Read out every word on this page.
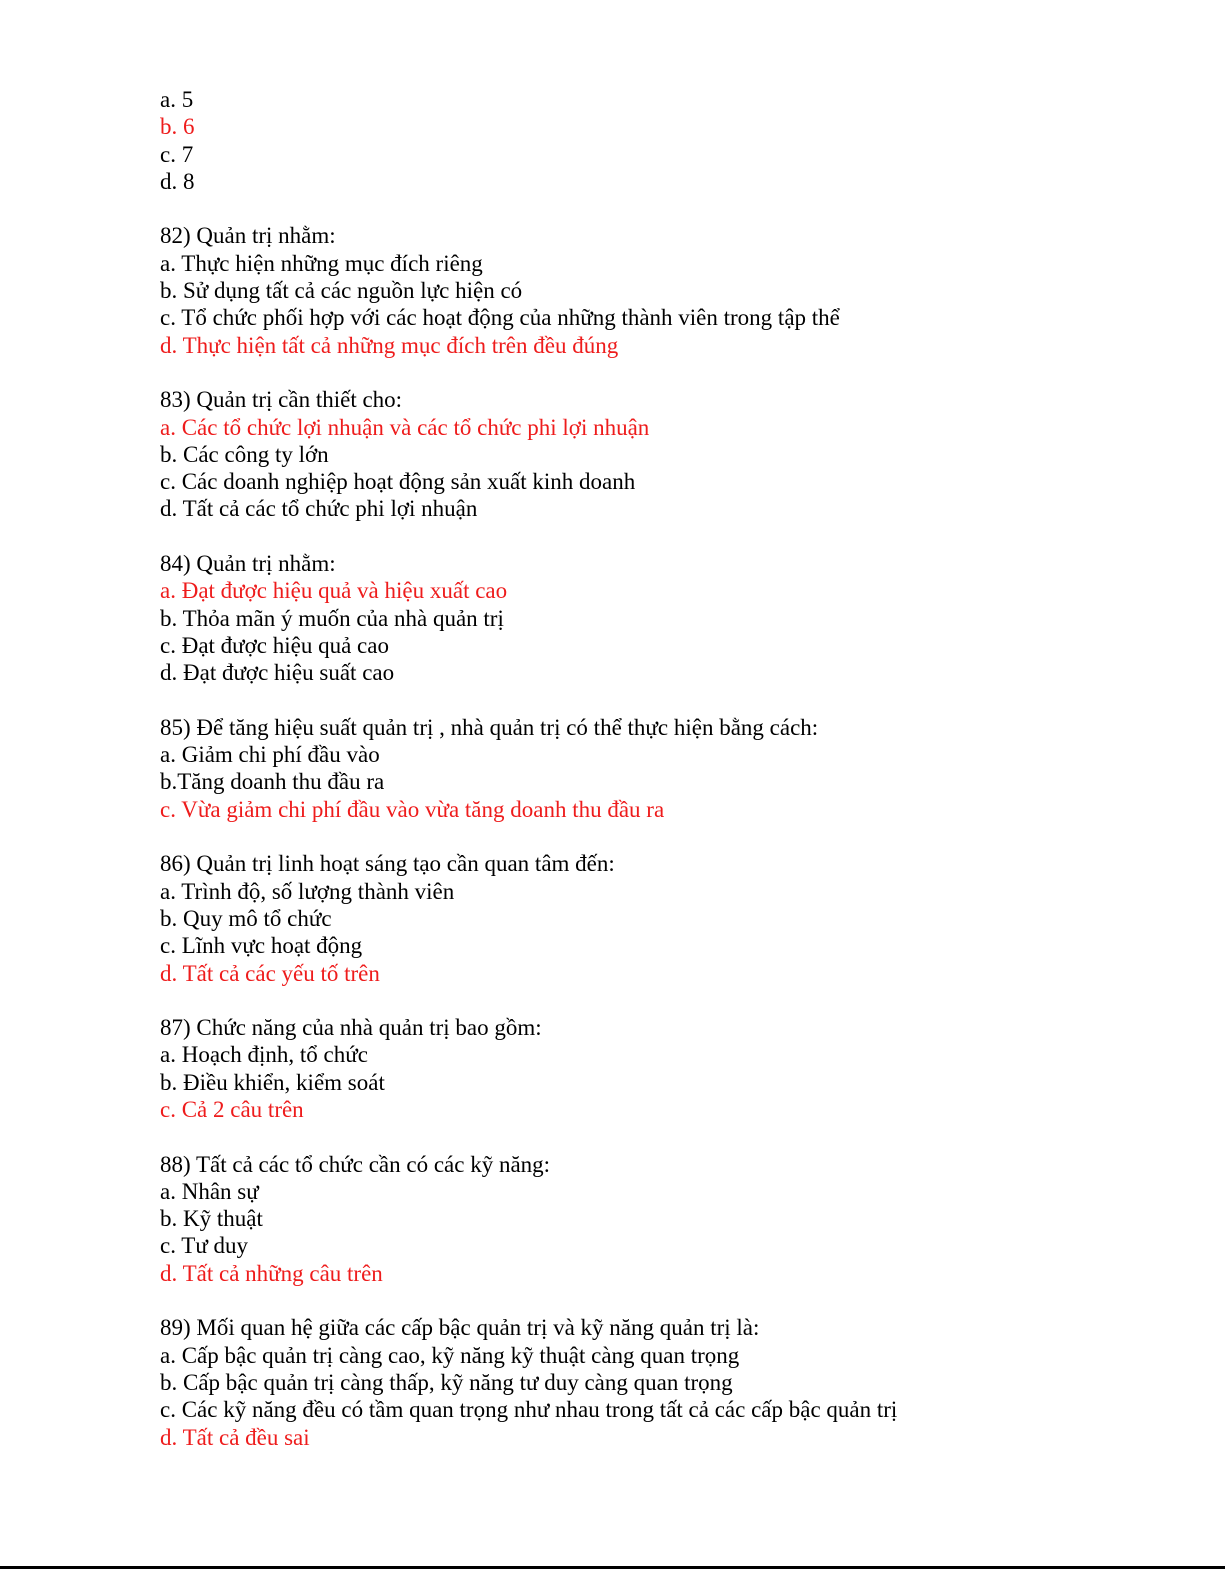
a. 5
b. 6
c. 7
d. 8
82) Quản trị nhằm:
a. Thực hiện những mục đích riêng
b. Sử dụng tất cả các nguồn lực hiện có
c. Tổ chức phối hợp với các hoạt động của những thành viên trong tập thể
d. Thực hiện tất cả những mục đích trên đều đúng
83) Quản trị cần thiết cho:
a. Các tổ chức lợi nhuận và các tổ chức phi lợi nhuận
b. Các công ty lớn
c. Các doanh nghiệp hoạt động sản xuất kinh doanh
d. Tất cả các tổ chức phi lợi nhuận
84) Quản trị nhằm:
a. Đạt được hiệu quả và hiệu xuất cao
b. Thỏa mãn ý muốn của nhà quản trị
c. Đạt được hiệu quả cao
d. Đạt được hiệu suất cao
85) Để tăng hiệu suất quản trị , nhà quản trị có thể thực hiện bằng cách:
a. Giảm chi phí đầu vào
b.Tăng doanh thu đầu ra
c. Vừa giảm chi phí đầu vào vừa tăng doanh thu đầu ra
86) Quản trị linh hoạt sáng tạo cần quan tâm đến:
a. Trình độ, số lượng thành viên
b. Quy mô tổ chức
c. Lĩnh vực hoạt động
d. Tất cả các yếu tố trên
87) Chức năng của nhà quản trị bao gồm:
a. Hoạch định, tổ chức
b. Điều khiển, kiểm soát
c. Cả 2 câu trên
88) Tất cả các tổ chức cần có các kỹ năng:
a. Nhân sự
b. Kỹ thuật
c. Tư duy
d. Tất cả những câu trên
89) Mối quan hệ giữa các cấp bậc quản trị và kỹ năng quản trị là:
a. Cấp bậc quản trị càng cao, kỹ năng kỹ thuật càng quan trọng
b. Cấp bậc quản trị càng thấp, kỹ năng tư duy càng quan trọng
c. Các kỹ năng đều có tầm quan trọng như nhau trong tất cả các cấp bậc quản trị
d. Tất cả đều sai
